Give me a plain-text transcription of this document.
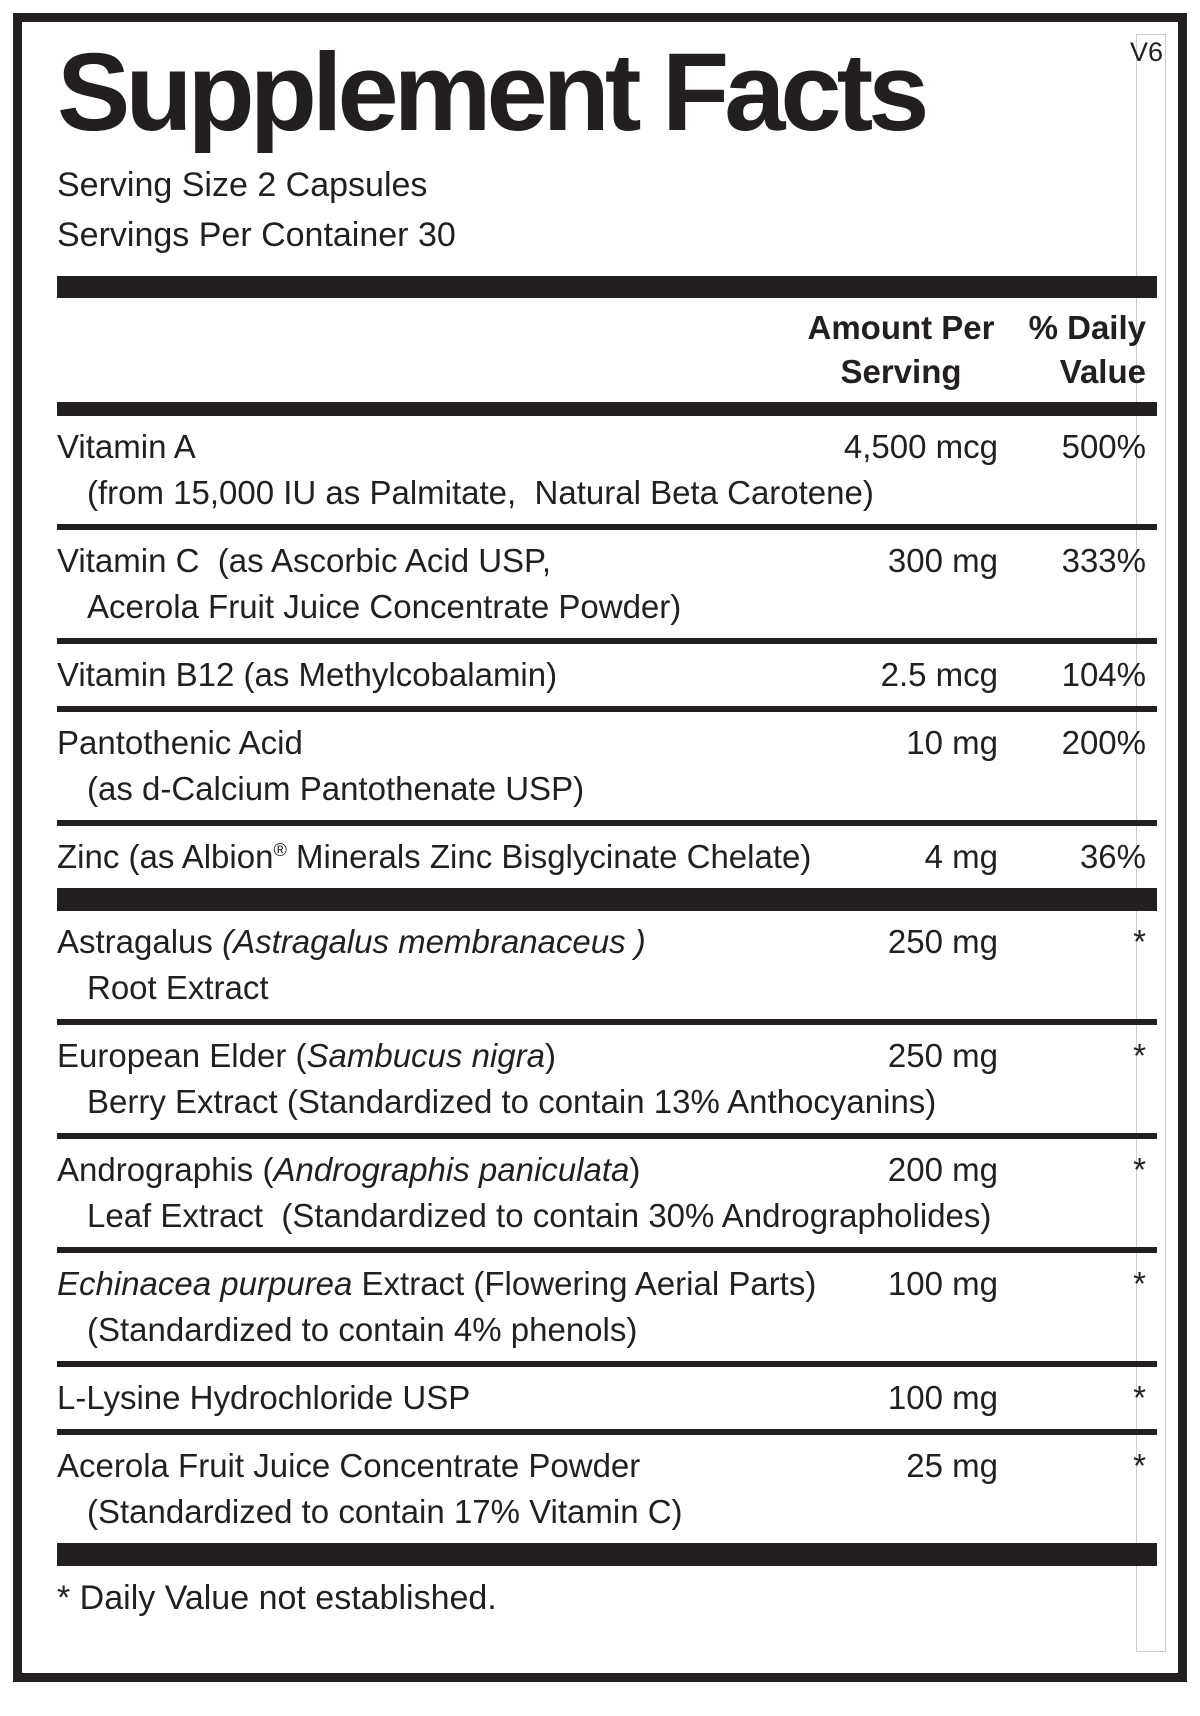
V6
Supplement Facts
Serving Size 2 Capsules
Servings Per Container 30
Amount Per
Serving
% Daily
Value
Vitamin A	4,500 mcg	500%
(from 15,000 IU as Palmitate,  Natural Beta Carotene)
Vitamin C  (as Ascorbic Acid USP,	300 mg	333%
Acerola Fruit Juice Concentrate Powder)
Vitamin B12 (as Methylcobalamin)	2.5 mcg	104%
Pantothenic Acid	10 mg	200%
(as d-Calcium Pantothenate USP)
Zinc (as Albion® Minerals Zinc Bisglycinate Chelate)	4 mg	36%
Astragalus (Astragalus membranaceus )	250 mg	*
Root Extract
European Elder (Sambucus nigra)	250 mg	*
Berry Extract (Standardized to contain 13% Anthocyanins)
Andrographis (Andrographis paniculata)	200 mg	*
Leaf Extract  (Standardized to contain 30% Andrographolides)
Echinacea purpurea Extract (Flowering Aerial Parts)	100 mg	*
(Standardized to contain 4% phenols)
L-Lysine Hydrochloride USP	100 mg	*
Acerola Fruit Juice Concentrate Powder	25 mg	*
(Standardized to contain 17% Vitamin C)
* Daily Value not established.
